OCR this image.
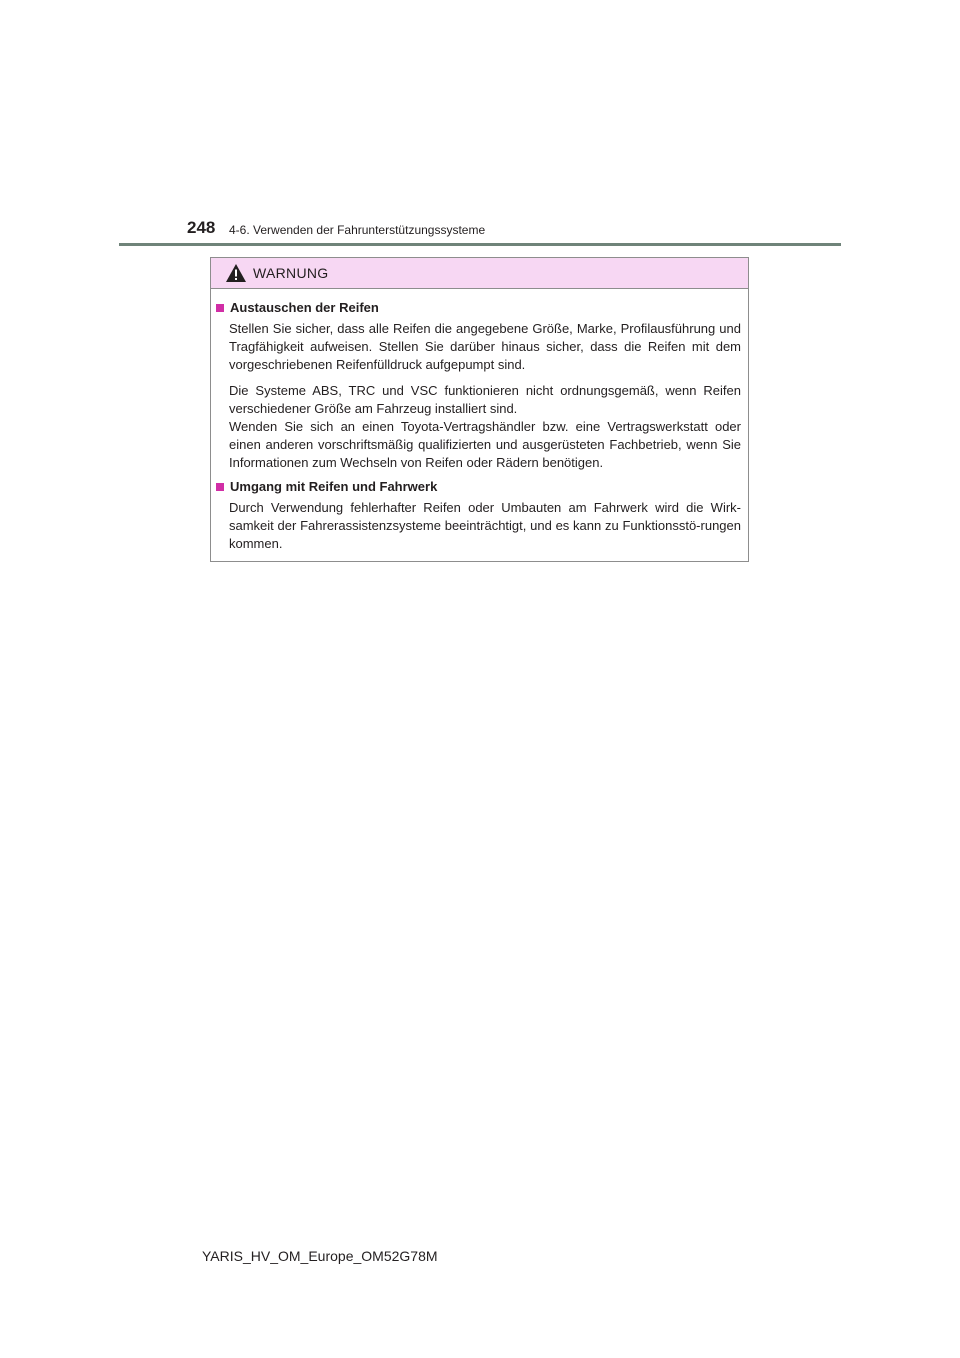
248 4-6. Verwenden der Fahrunterstützungssysteme
WARNUNG
Austauschen der Reifen

Stellen Sie sicher, dass alle Reifen die angegebene Größe, Marke, Profilausführung und Tragfähigkeit aufweisen. Stellen Sie darüber hinaus sicher, dass die Reifen mit dem vorgeschriebenen Reifenfülldruck aufgepumpt sind.

Die Systeme ABS, TRC und VSC funktionieren nicht ordnungsgemäß, wenn Reifen verschiedener Größe am Fahrzeug installiert sind.

Wenden Sie sich an einen Toyota-Vertragshändler bzw. eine Vertragswerkstatt oder einen anderen vorschriftsmäßig qualifizierten und ausgerüsteten Fachbetrieb, wenn Sie Informationen zum Wechseln von Reifen oder Rädern benötigen.

Umgang mit Reifen und Fahrwerk

Durch Verwendung fehlerhafter Reifen oder Umbauten am Fahrwerk wird die Wirk-samkeit der Fahrerassistenzsysteme beeinträchtigt, und es kann zu Funktionsstö-rungen kommen.

YARIS_HV_OM_Europe_OM52G78M
